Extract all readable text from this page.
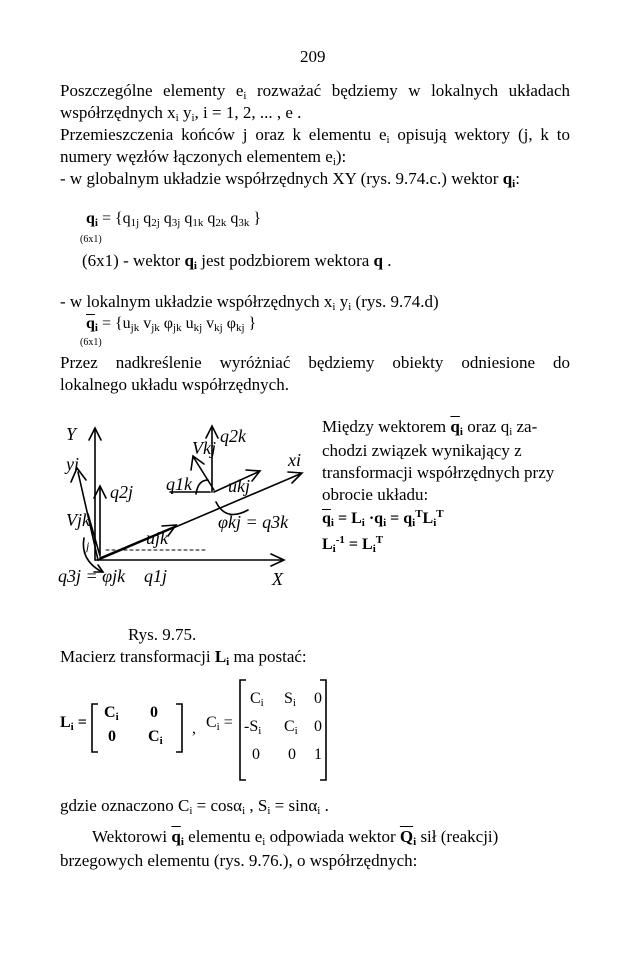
209
Poszczególne elementy $e_i$ rozważać będziemy w lokalnych układach
współrzędnych $x_i$ $y_i$, i = 1, 2, ... , e .
Przemieszczenia końców j oraz k elementu $e_i$ opisują wektory (j, k to
numery węzłów łączonych elementem $e_i$):
- w globalnym układzie współrzędnych XY (rys. 9.74.c.) wektor $q_i$:
$q_i = \{q_{1j}$ $q_{2j}$ $q_{3j}$ $q_{1k}$ $q_{2k}$ $q_{3k}$ }
(6x1)
(6x1) - wektor $q_i$ jest podzbiorem wektora q .
- w lokalnym układzie współrzędnych $x_i$ $y_i$ (rys. 9.74.d)
$\overline{q}_i = \{u_{jk}$ $v_{jk}$ $\varphi_{jk}$ $u_{kj}$ $v_{kj}$ $\varphi_{kj}$ }
(6x1)
Przez nadkreślenie wyróżniać będziemy obiekty odniesione do
lokalnego układu współrzędnych.
Y
X
q2k
Vkj
xi
yi
q1k ukj
q2j
Vjk
ujk
φkj = q3k
q3j = φjk q1j
j
Między wektorem $\overline{q}_i$ oraz $q_i$ za-
chodzi związek wynikający z
transformacji współrzędnych przy
obrocie układu:
$\overline{q}_i = L_i \cdot q_i = q_i^TL_i^T$
$L_i^{-1} = L_i^T$
Rys. 9.75.
Macierz transformacji $L_i$ ma postać:
$L_i$ =
$C_i$ 0
0 $C_i$
, $C_i$ =
$C_i$ $S_i$ 0
$-S_i$ $C_i$ 0
0 0 1
gdzie oznaczono $C_i = \cos\alpha_i$ , $S_i = \sin\alpha_i$ .
Wektorowi $\overline{q}_i$ elementu $e_i$ odpowiada wektor $\overline{Q}_i$ sił (reakcji)
brzegowych elementu (rys. 9.76.), o współrzędnych:
